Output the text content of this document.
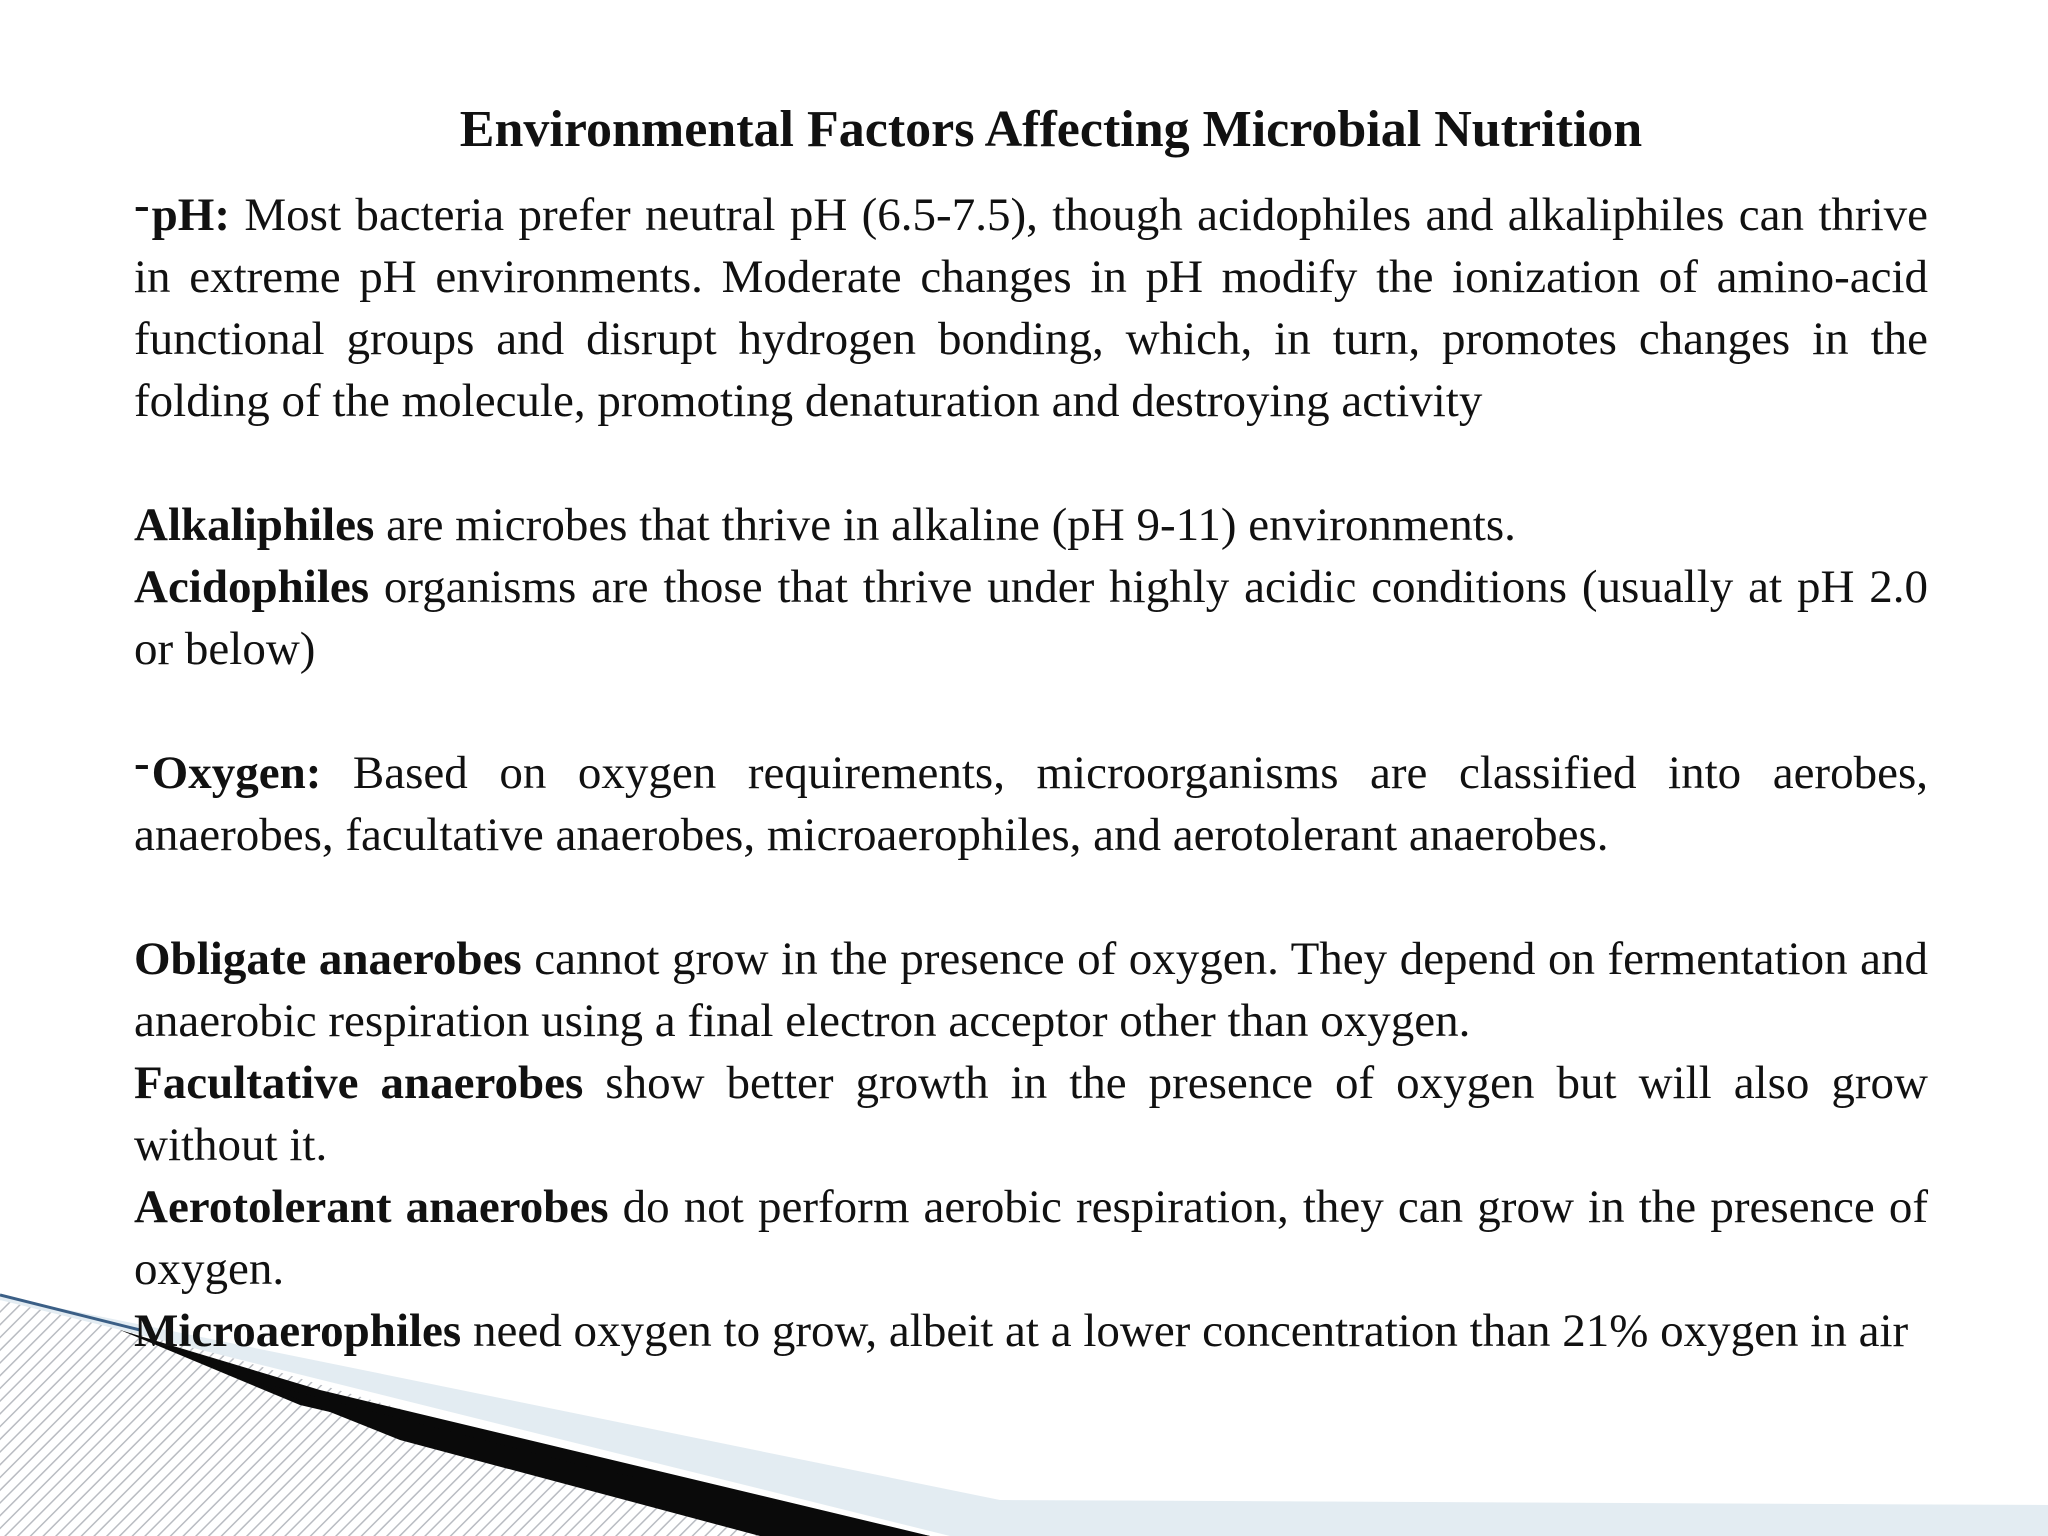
Environmental Factors Affecting Microbial Nutrition

-pH: Most bacteria prefer neutral pH (6.5-7.5), though acidophiles and alkaliphiles can thrive in extreme pH environments. Moderate changes in pH modify the ionization of amino-acid functional groups and disrupt hydrogen bonding, which, in turn, promotes changes in the folding of the molecule, promoting denaturation and destroying activity

Alkaliphiles are microbes that thrive in alkaline (pH 9-11) environments.

Acidophiles organisms are those that thrive under highly acidic conditions (usually at pH 2.0 or below)

-Oxygen: Based on oxygen requirements, microorganisms are classified into aerobes, anaerobes, facultative anaerobes, microaerophiles, and aerotolerant anaerobes.

Obligate anaerobes cannot grow in the presence of oxygen. They depend on fermentation and anaerobic respiration using a final electron acceptor other than oxygen.

Facultative anaerobes show better growth in the presence of oxygen but will also grow without it.

Aerotolerant anaerobes do not perform aerobic respiration, they can grow in the presence of oxygen.

Microaerophiles need oxygen to grow, albeit at a lower concentration than 21% oxygen in air
